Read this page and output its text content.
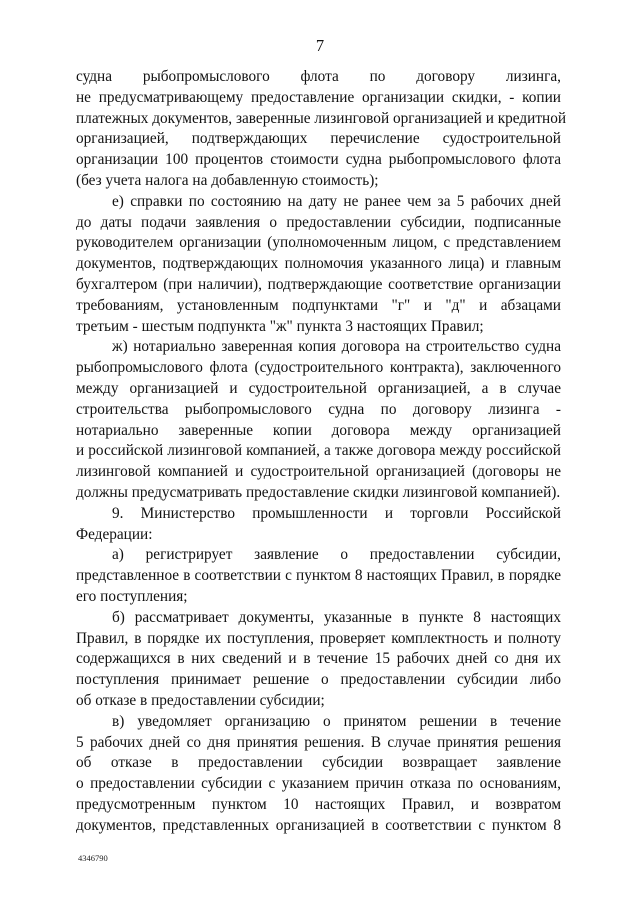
7
судна рыбопромыслового флота по договору лизинга,
не предусматривающему предоставление организации скидки, - копии
платежных документов, заверенные лизинговой организацией и кредитной
организацией, подтверждающих перечисление судостроительной
организации 100 процентов стоимости судна рыбопромыслового флота
(без учета налога на добавленную стоимость);
е) справки по состоянию на дату не ранее чем за 5 рабочих дней
до даты подачи заявления о предоставлении субсидии, подписанные
руководителем организации (уполномоченным лицом, с представлением
документов, подтверждающих полномочия указанного лица) и главным
бухгалтером (при наличии), подтверждающие соответствие организации
требованиям, установленным подпунктами "г" и "д" и абзацами
третьим - шестым подпункта "ж" пункта 3 настоящих Правил;
ж) нотариально заверенная копия договора на строительство судна
рыбопромыслового флота (судостроительного контракта), заключенного
между организацией и судостроительной организацией, а в случае
строительства рыбопромыслового судна по договору лизинга -
нотариально заверенные копии договора между организацией
и российской лизинговой компанией, а также договора между российской
лизинговой компанией и судостроительной организацией (договоры не
должны предусматривать предоставление скидки лизинговой компанией).
9. Министерство промышленности и торговли Российской
Федерации:
а) регистрирует заявление о предоставлении субсидии,
представленное в соответствии с пунктом 8 настоящих Правил, в порядке
его поступления;
б) рассматривает документы, указанные в пункте 8 настоящих
Правил, в порядке их поступления, проверяет комплектность и полноту
содержащихся в них сведений и в течение 15 рабочих дней со дня их
поступления принимает решение о предоставлении субсидии либо
об отказе в предоставлении субсидии;
в) уведомляет организацию о принятом решении в течение
5 рабочих дней со дня принятия решения. В случае принятия решения
об отказе в предоставлении субсидии возвращает заявление
о предоставлении субсидии с указанием причин отказа по основаниям,
предусмотренным пунктом 10 настоящих Правил, и возвратом
документов, представленных организацией в соответствии с пунктом 8
4346790
